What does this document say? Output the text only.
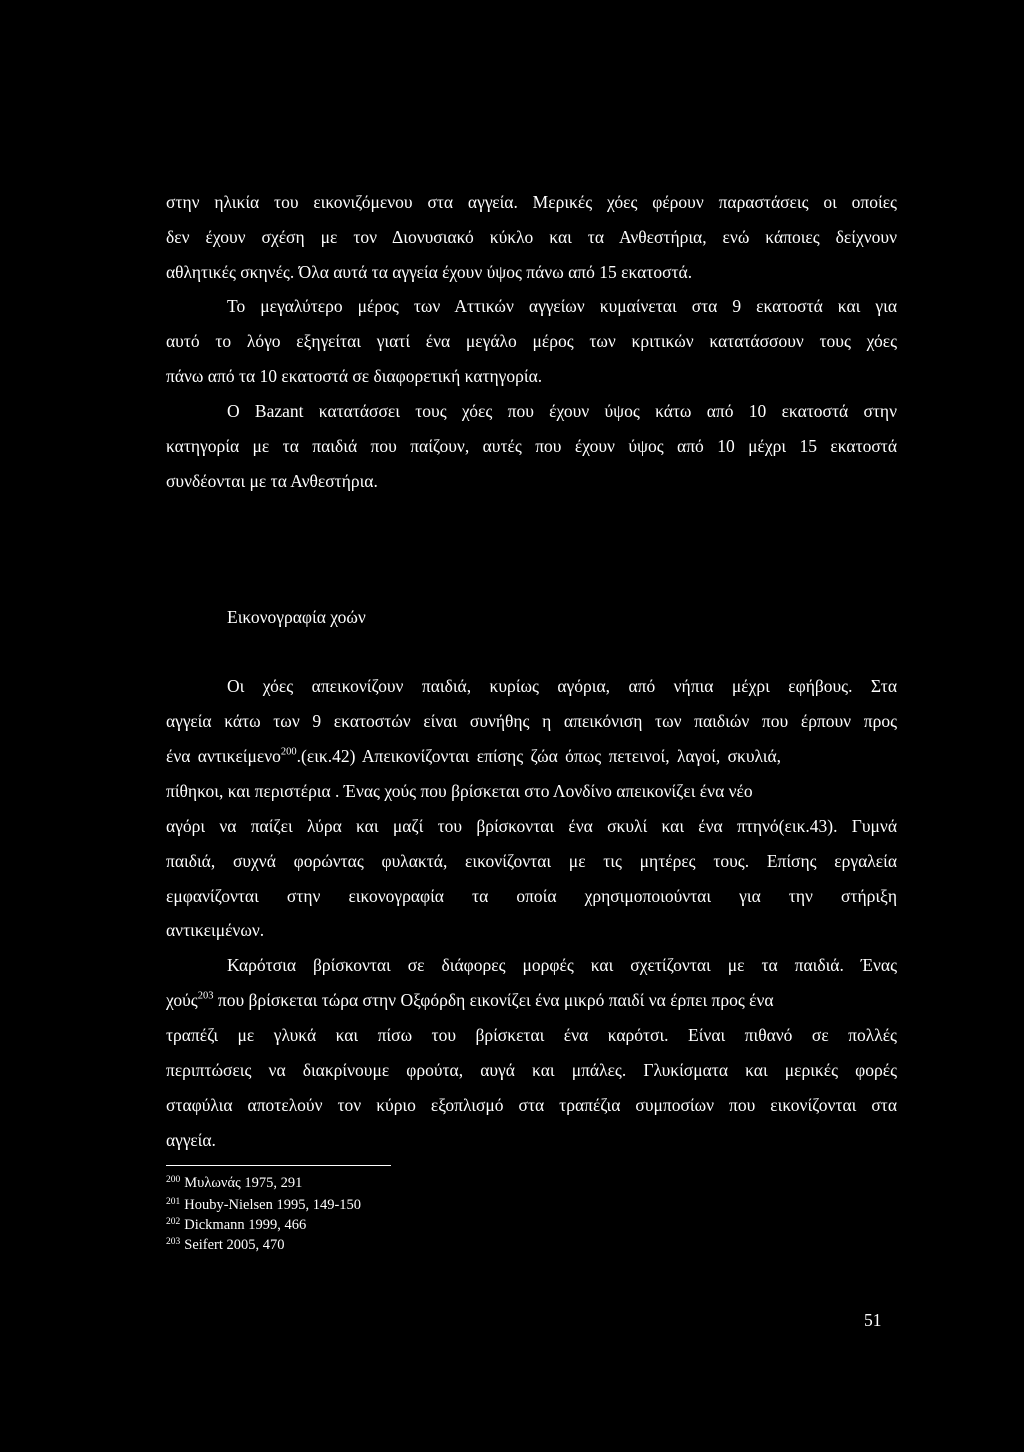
στην ηλικία του εικονιζόμενου στα αγγεία. Μερικές χόες φέρουν παραστάσεις οι οποίες
δεν έχουν σχέση με τον Διονυσιακό κύκλο και τα Ανθεστήρια, ενώ κάποιες δείχνουν
αθλητικές σκηνές. Όλα αυτά τα αγγεία έχουν ύψος πάνω από 15 εκατοστά.
Το μεγαλύτερο μέρος των Αττικών αγγείων κυμαίνεται στα 9 εκατοστά και για
αυτό το λόγο εξηγείται γιατί ένα μεγάλο μέρος των κριτικών κατατάσσουν τους χόες
πάνω από τα 10 εκατοστά σε διαφορετική κατηγορία.
Ο Bazant κατατάσσει τους χόες που έχουν ύψος κάτω από 10 εκατοστά στην
κατηγορία με τα παιδιά που παίζουν, αυτές που έχουν ύψος από 10 μέχρι 15 εκατοστά
συνδέονται με τα Ανθεστήρια.
Εικονογραφία χοών
Οι χόες απεικονίζουν παιδιά, κυρίως αγόρια, από νήπια μέχρι εφήβους. Στα
αγγεία κάτω των 9 εκατοστών είναι συνήθης η απεικόνιση των παιδιών που έρπουν προς
ένα αντικείμενο$^{200}$.(εικ.42) Απεικονίζονται επίσης ζώα όπως πετεινοί, λαγοί, σκυλιά,
πίθηκοι, και περιστέρια . Ένας χούς που βρίσκεται στο Λονδίνο απεικονίζει ένα νέο
αγόρι να παίζει λύρα και μαζί του βρίσκονται ένα σκυλί και ένα πτηνό(εικ.43). Γυμνά
παιδιά, συχνά φορώντας φυλακτά, εικονίζονται με τις μητέρες τους. Επίσης εργαλεία
εμφανίζονται στην εικονογραφία τα οποία χρησιμοποιούνται για την στήριξη
αντικειμένων.
Καρότσια βρίσκονται σε διάφορες μορφές και σχετίζονται με τα παιδιά. Ένας
χούς$^{203}$ που βρίσκεται τώρα στην Οξφόρδη εικονίζει ένα μικρό παιδί να έρπει προς ένα
τραπέζι με γλυκά και πίσω του βρίσκεται ένα καρότσι. Είναι πιθανό σε πολλές
περιπτώσεις να διακρίνουμε φρούτα, αυγά και μπάλες. Γλυκίσματα και μερικές φορές
σταφύλια αποτελούν τον κύριο εξοπλισμό στα τραπέζια συμποσίων που εικονίζονται στα
αγγεία.
$^{200}$ Μυλωνάς 1975, 291
$^{201}$ Houby-Nielsen 1995, 149-150
$^{202}$ Dickmann 1999, 466
$^{203}$ Seifert 2005, 470
51
